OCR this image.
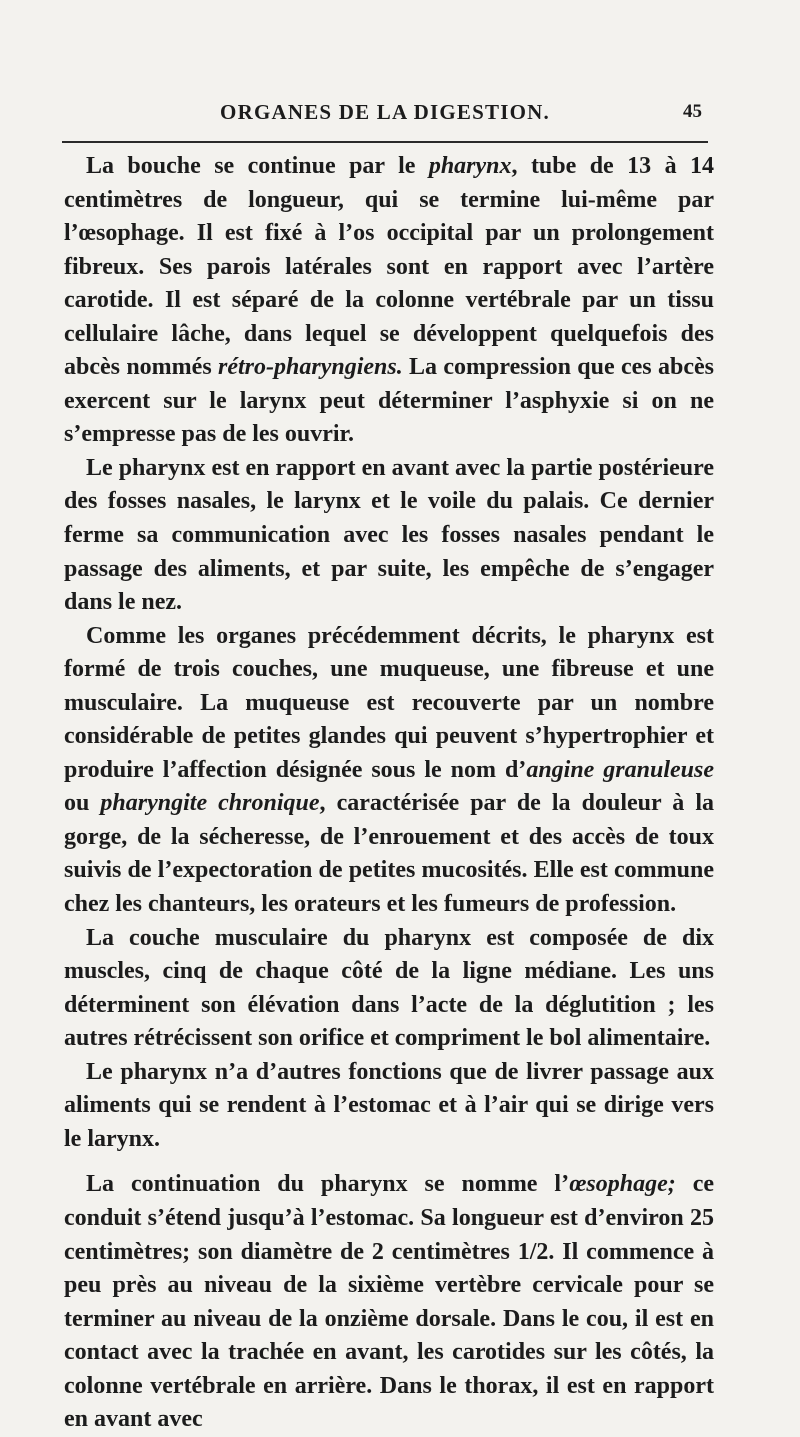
ORGANES DE LA DIGESTION.	45

La bouche se continue par le pharynx, tube de 13 à 14 centimètres de longueur, qui se termine lui-même par l’œsophage. Il est fixé à l’os occipital par un prolongement fibreux. Ses parois latérales sont en rapport avec l’artère carotide. Il est séparé de la colonne vertébrale par un tissu cellulaire lâche, dans lequel se développent quelquefois des abcès nommés rétro-pharyngiens. La compression que ces abcès exercent sur le larynx peut déterminer l’asphyxie si on ne s’empresse pas de les ouvrir.

Le pharynx est en rapport en avant avec la partie postérieure des fosses nasales, le larynx et le voile du palais. Ce dernier ferme sa communication avec les fosses nasales pendant le passage des aliments, et par suite, les empêche de s’engager dans le nez.

Comme les organes précédemment décrits, le pharynx est formé de trois couches, une muqueuse, une fibreuse et une musculaire. La muqueuse est recouverte par un nombre considérable de petites glandes qui peuvent s’hypertrophier et produire l’affection désignée sous le nom d’angine granuleuse ou pharyngite chronique, caractérisée par de la douleur à la gorge, de la sécheresse, de l’enrouement et des accès de toux suivis de l’expectoration de petites mucosités. Elle est commune chez les chanteurs, les orateurs et les fumeurs de profession.

La couche musculaire du pharynx est composée de dix muscles, cinq de chaque côté de la ligne médiane. Les uns déterminent son élévation dans l’acte de la déglutition ; les autres rétrécissent son orifice et compriment le bol alimentaire.

Le pharynx n’a d’autres fonctions que de livrer passage aux aliments qui se rendent à l’estomac et à l’air qui se dirige vers le larynx.

La continuation du pharynx se nomme l’œsophage; ce conduit s’étend jusqu’à l’estomac. Sa longueur est d’environ 25 centimètres; son diamètre de 2 centimètres 1/2. Il commence à peu près au niveau de la sixième vertèbre cervicale pour se terminer au niveau de la onzième dorsale. Dans le cou, il est en contact avec la trachée en avant, les carotides sur les côtés, la colonne vertébrale en arrière. Dans le thorax, il est en rapport en avant avec
